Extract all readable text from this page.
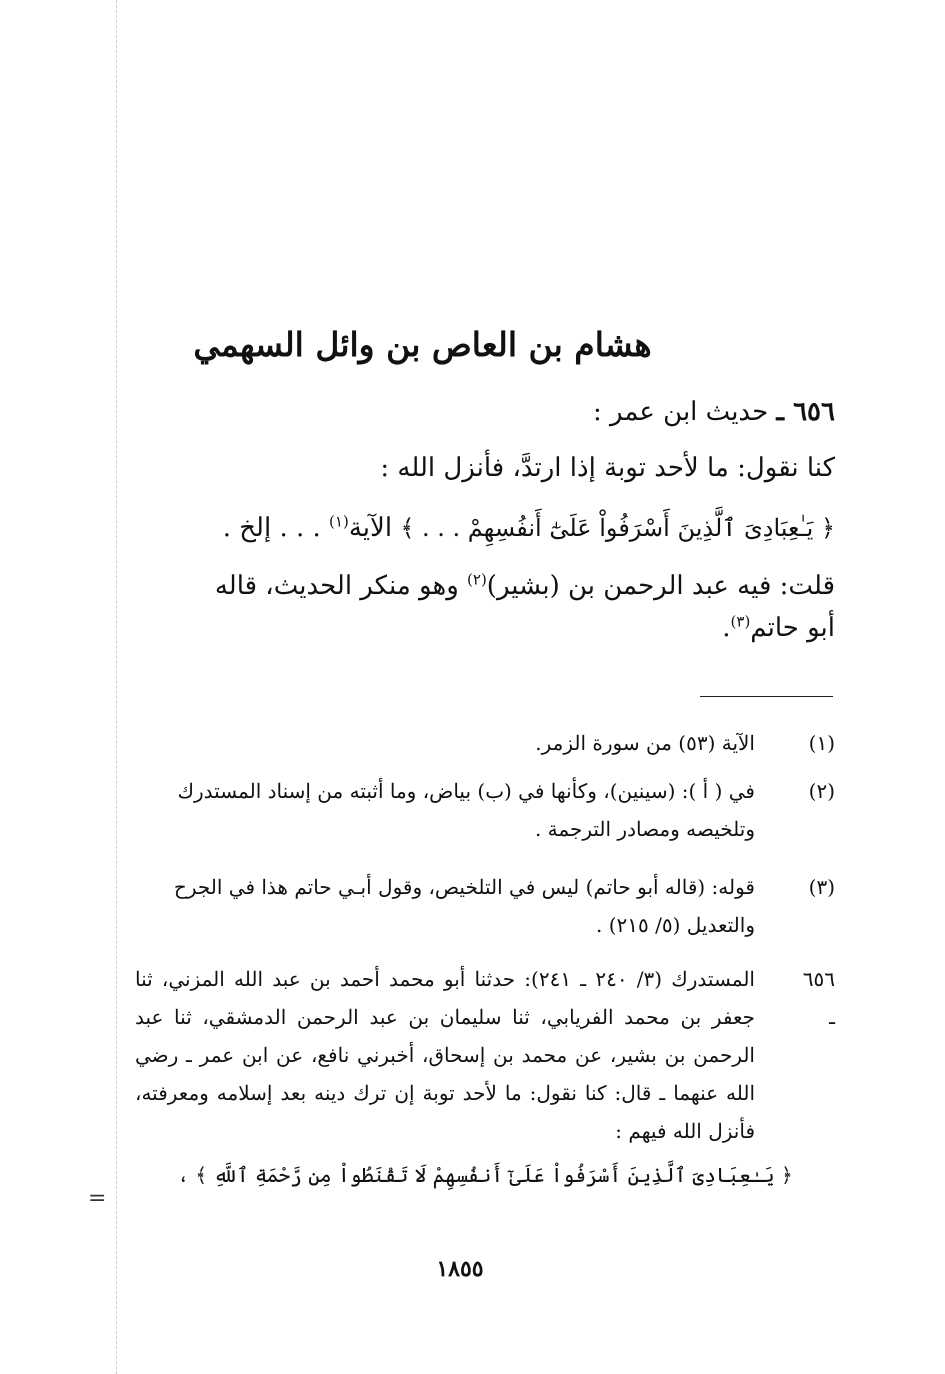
=
هشام بن العاص بن وائل السهمي
٦٥٦ ـ حديث ابن عمر :
كنا نقول: ما لأحد توبة إذا ارتدَّ، فأنزل الله :
﴿ يَـٰعِبَادِىَ ٱلَّذِينَ أَسْرَفُواْ عَلَىٰٓ أَنفُسِهِمْ . . . ﴾ الآية$^{(١)}$ . . . إلخ .
قلت: فيه عبد الرحمن بن (بشير)$^{(٢)}$ وهو منكر الحديث، قاله
أبو حاتم$^{(٣)}$.
(١)
الآية (٥٣) من سورة الزمر.
(٢)
في ( أ ): (سينين)، وكأنها في (ب) بياض، وما أثبته من إسناد المستدرك وتلخيصه ومصادر الترجمة .
(٣)
قوله: (قاله أبو حاتم) ليس في التلخيص، وقول أبـي حاتم هذا في الجرح والتعديل (٥/ ٢١٥) .
٦٥٦ ـ
المستدرك (٣/ ٢٤٠ ـ ٢٤١): حدثنا أبو محمد أحمد بن عبد الله المزني، ثنا جعفر بن محمد الفريابي، ثنا سليمان بن عبد الرحمن الدمشقي، ثنا عبد الرحمن بن بشير، عن محمد بن إسحاق، أخبرني نافع، عن ابن عمر ـ رضي الله عنهما ـ قال: كنا نقول: ما لأحد توبة إن ترك دينه بعد إسلامه ومعرفته، فأنزل الله فيهم :
﴿ يَـٰعِبَادِىَ ٱلَّذِينَ أَسْرَفُواْ عَلَىٰٓ أَنفُسِهِمْ لَا تَقْنَطُواْ مِن رَّحْمَةِ ٱللَّهِ ﴾ ،
١٨٥٥
